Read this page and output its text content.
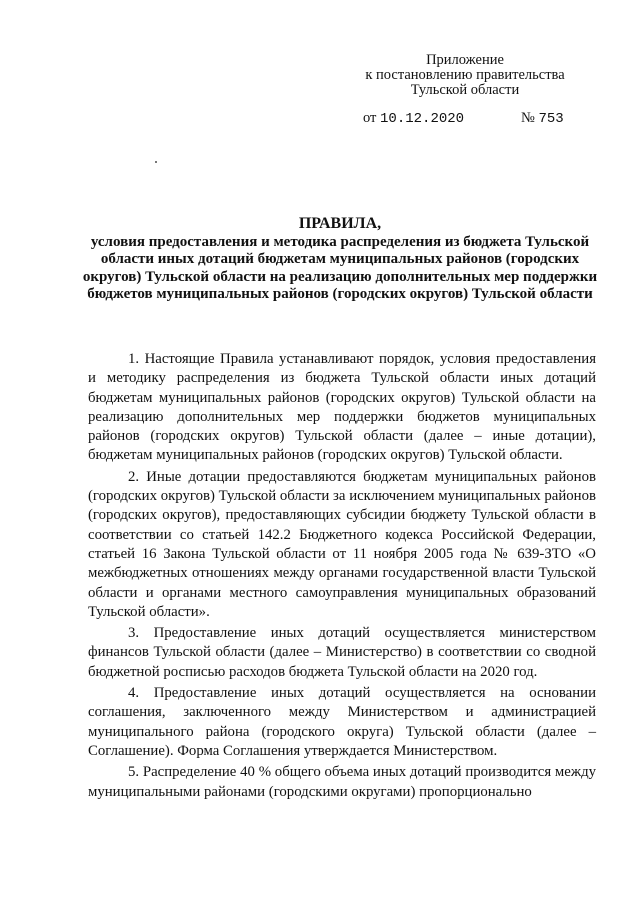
Приложение
к постановлению правительства
Тульской области
от 10.12.2020	№ 753
ПРАВИЛА,
условия предоставления и методика распределения из бюджета Тульской области иных дотаций бюджетам муниципальных районов (городских округов) Тульской области на реализацию дополнительных мер поддержки бюджетов муниципальных районов (городских округов) Тульской области

1. Настоящие Правила устанавливают порядок, условия предоставления и методику распределения из бюджета Тульской области иных дотаций бюджетам муниципальных районов (городских округов) Тульской области на реализацию дополнительных мер поддержки бюджетов муниципальных районов (городских округов) Тульской области (далее – иные дотации), бюджетам муниципальных районов (городских округов) Тульской области.

2. Иные дотации предоставляются бюджетам муниципальных районов (городских округов) Тульской области за исключением муниципальных районов (городских округов), предоставляющих субсидии бюджету Тульской области в соответствии со статьей 142.2 Бюджетного кодекса Российской Федерации, статьей 16 Закона Тульской области от 11 ноября 2005 года № 639-ЗТО «О межбюджетных отношениях между органами государственной власти Тульской области и органами местного самоуправления муниципальных образований Тульской области».

3. Предоставление иных дотаций осуществляется министерством финансов Тульской области (далее – Министерство) в соответствии со сводной бюджетной росписью расходов бюджета Тульской области на 2020 год.

4. Предоставление иных дотаций осуществляется на основании соглашения, заключенного между Министерством и администрацией муниципального района (городского округа) Тульской области (далее – Соглашение). Форма Соглашения утверждается Министерством.

5. Распределение 40 % общего объема иных дотаций производится между муниципальными районами (городскими округами) пропорционально
